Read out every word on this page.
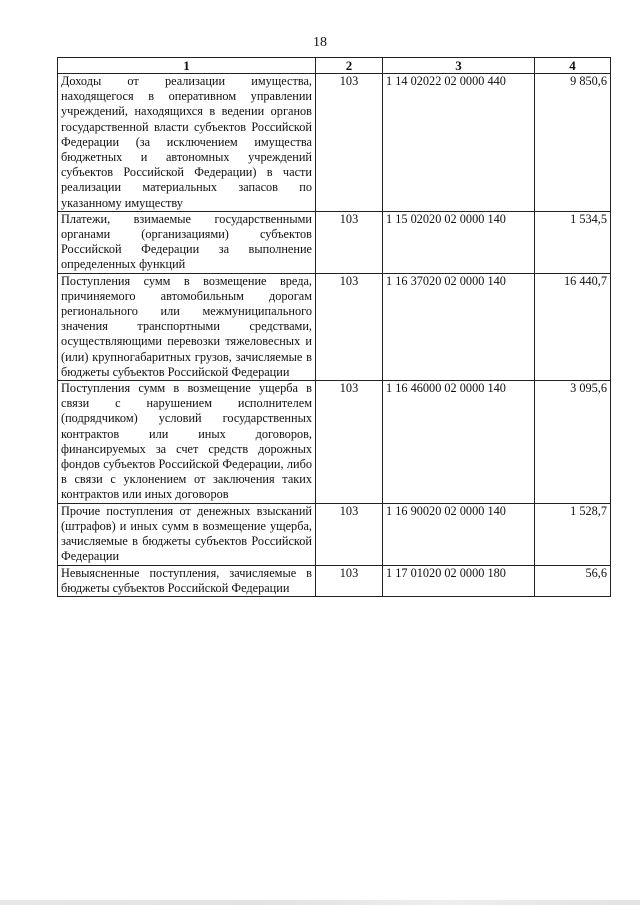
18
1	2	3	4
Доходы от реализации имущества, находящегося в оперативном управлении учреждений, находящихся в ведении органов государственной власти субъектов Российской Федерации (за исключением имущества бюджетных и автономных учреждений субъектов Российской Федерации) в части реализации материальных запасов по указанному имуществу	103	1 14 02022 02 0000 440	9 850,6
Платежи, взимаемые государственными органами (организациями) субъектов Российской Федерации за выполнение определенных функций	103	1 15 02020 02 0000 140	1 534,5
Поступления сумм в возмещение вреда, причиняемого автомобильным дорогам регионального или межмуниципального значения транспортными средствами, осуществляющими перевозки тяжеловесных и (или) крупногабаритных грузов, зачисляемые в бюджеты субъектов Российской Федерации	103	1 16 37020 02 0000 140	16 440,7
Поступления сумм в возмещение ущерба в связи с нарушением исполнителем (подрядчиком) условий государственных контрактов или иных договоров, финансируемых за счет средств дорожных фондов субъектов Российской Федерации, либо в связи с уклонением от заключения таких контрактов или иных договоров	103	1 16 46000 02 0000 140	3 095,6
Прочие поступления от денежных взысканий (штрафов) и иных сумм в возмещение ущерба, зачисляемые в бюджеты субъектов Российской Федерации	103	1 16 90020 02 0000 140	1 528,7
Невыясненные поступления, зачисляемые в бюджеты субъектов Российской Федерации	103	1 17 01020 02 0000 180	56,6
